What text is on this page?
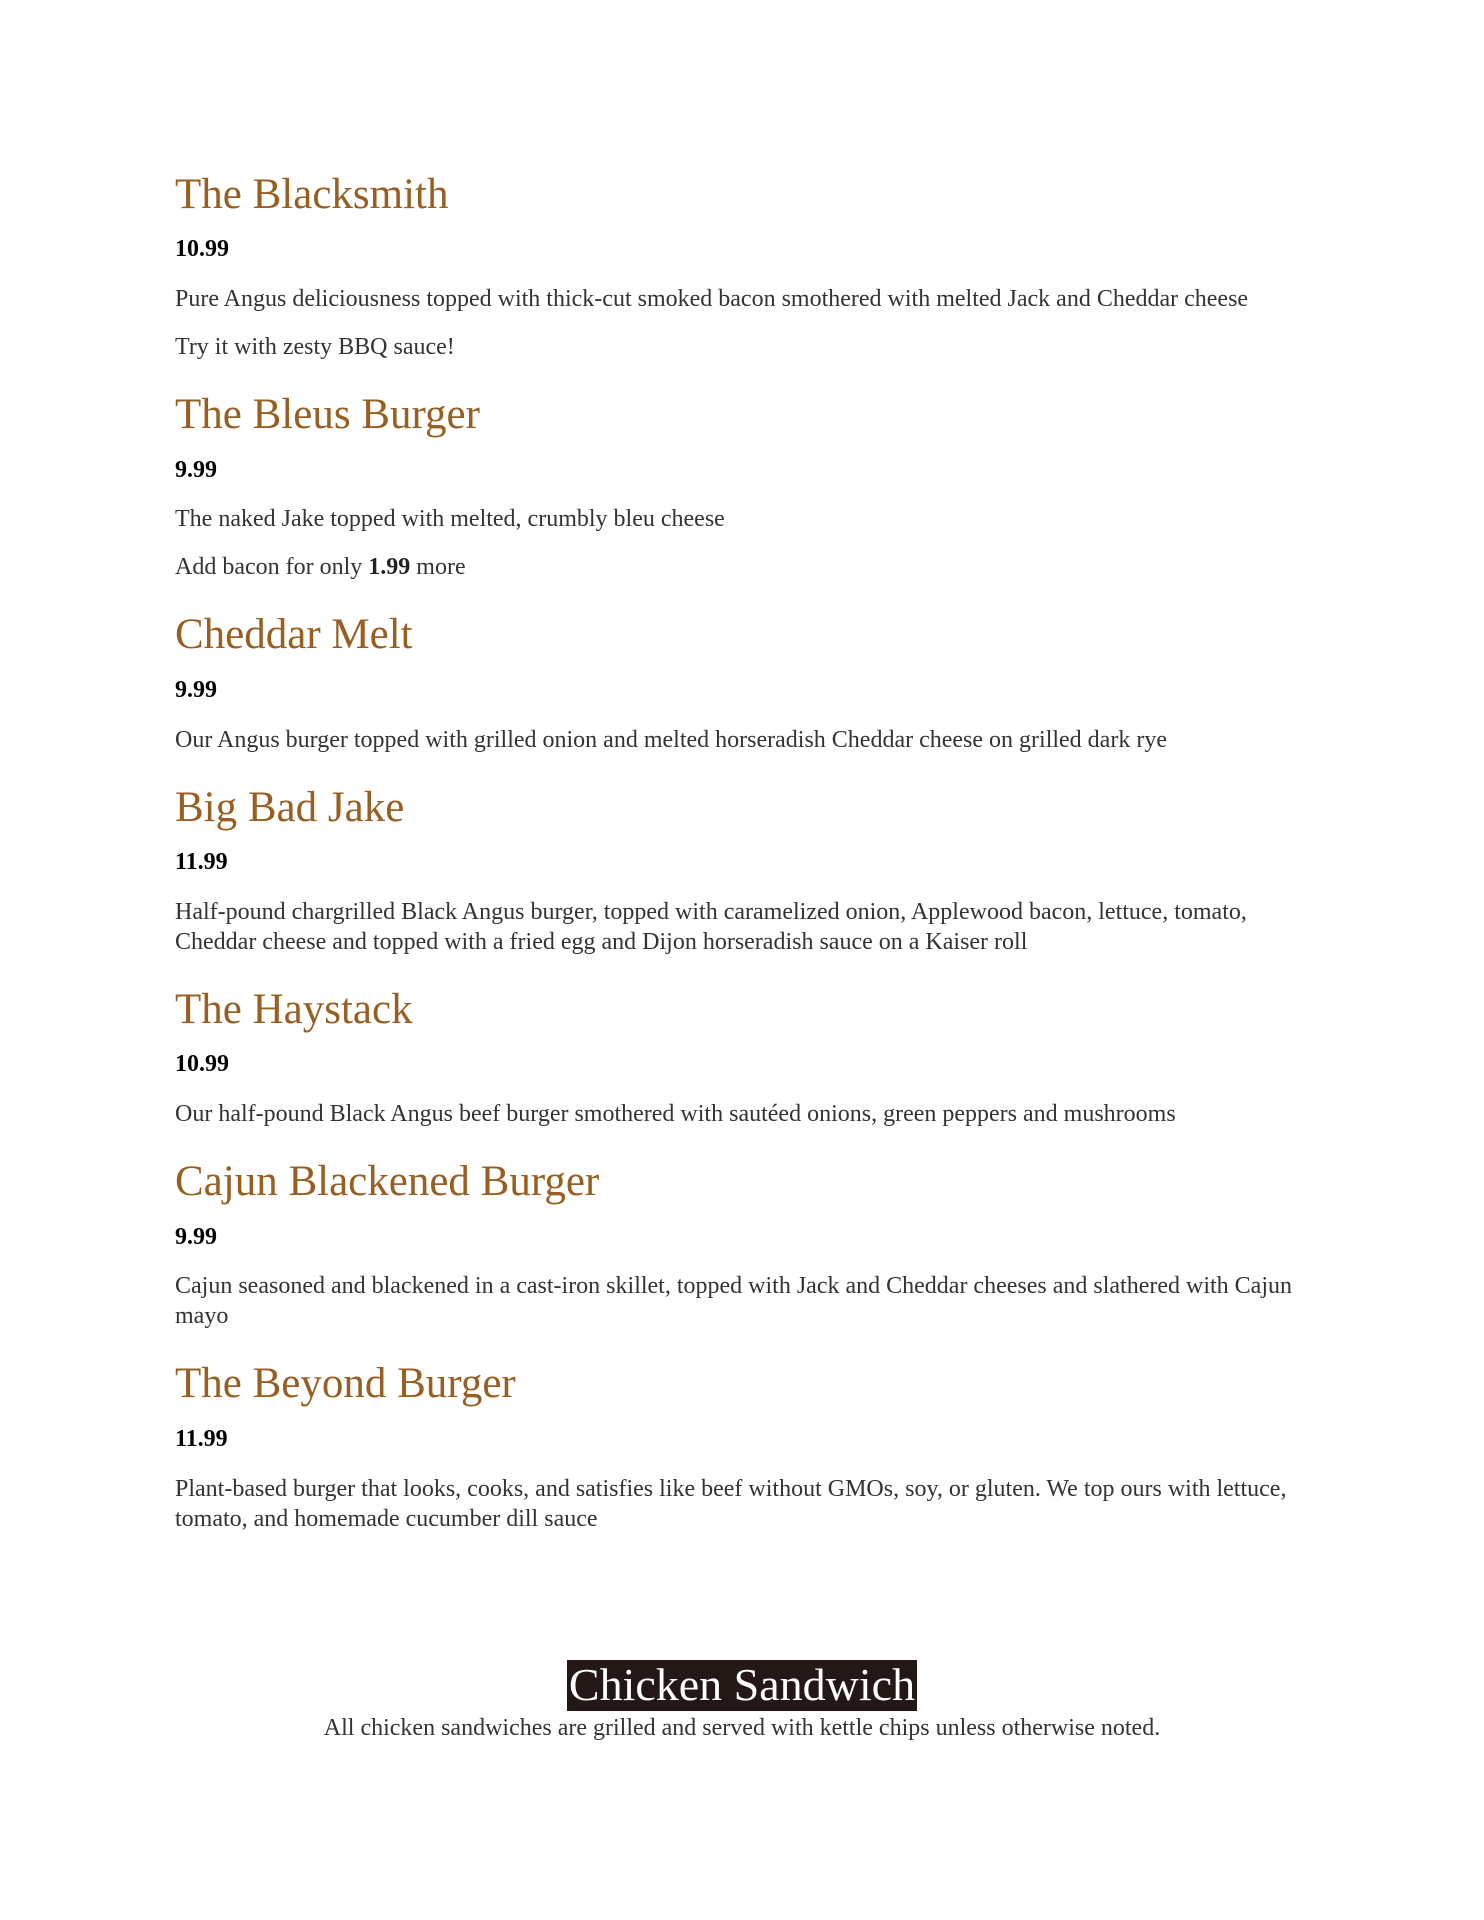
The Blacksmith
10.99

Pure Angus deliciousness topped with thick-cut smoked bacon smothered with melted Jack and Cheddar cheese

Try it with zesty BBQ sauce!

The Bleus Burger
9.99

The naked Jake topped with melted, crumbly bleu cheese

Add bacon for only 1.99 more

Cheddar Melt
9.99

Our Angus burger topped with grilled onion and melted horseradish Cheddar cheese on grilled dark rye

Big Bad Jake
11.99

Half-pound chargrilled Black Angus burger, topped with caramelized onion, Applewood bacon, lettuce, tomato, Cheddar cheese and topped with a fried egg and Dijon horseradish sauce on a Kaiser roll

The Haystack
10.99

Our half-pound Black Angus beef burger smothered with sautéed onions, green peppers and mushrooms

Cajun Blackened Burger
9.99

Cajun seasoned and blackened in a cast-iron skillet, topped with Jack and Cheddar cheeses and slathered with Cajun mayo

The Beyond Burger
11.99

Plant-based burger that looks, cooks, and satisfies like beef without GMOs, soy, or gluten. We top ours with lettuce, tomato, and homemade cucumber dill sauce

Chicken Sandwich

All chicken sandwiches are grilled and served with kettle chips unless otherwise noted.
